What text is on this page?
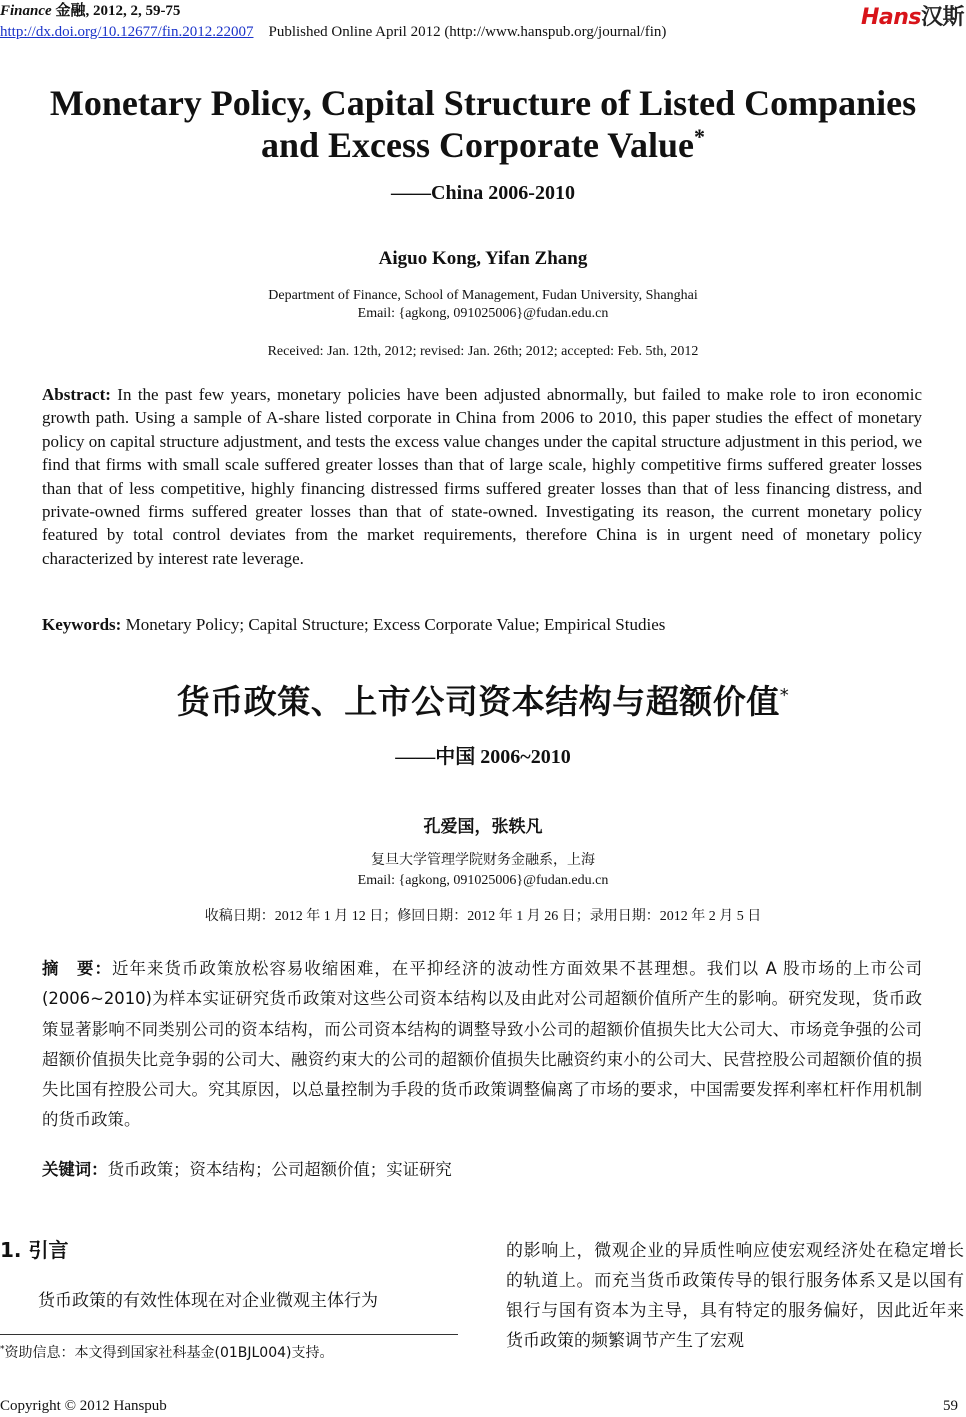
Finance 金融, 2012, 2, 59-75
http://dx.doi.org/10.12677/fin.2012.22007 Published Online April 2012 (http://www.hanspub.org/journal/fin)
Hans汉斯
Monetary Policy, Capital Structure of Listed Companies
and Excess Corporate Value*
——China 2006-2010
Aiguo Kong, Yifan Zhang
Department of Finance, School of Management, Fudan University, Shanghai
Email: {agkong, 091025006}@fudan.edu.cn
Received: Jan. 12th, 2012; revised: Jan. 26th; 2012; accepted: Feb. 5th, 2012
Abstract: In the past few years, monetary policies have been adjusted abnormally, but failed to make role to iron economic growth path. Using a sample of A-share listed corporate in China from 2006 to 2010, this paper studies the effect of monetary policy on capital structure adjustment, and tests the excess value changes under the capital structure adjustment in this period, we find that firms with small scale suffered greater losses than that of large scale, highly competitive firms suffered greater losses than that of less competitive, highly financing distressed firms suffered greater losses than that of less financing distress, and private-owned firms suffered greater losses than that of state-owned. Investigating its reason, the current monetary policy featured by total control deviates from the market requirements, therefore China is in urgent need of monetary policy characterized by interest rate leverage.
Keywords: Monetary Policy; Capital Structure; Excess Corporate Value; Empirical Studies
货币政策、上市公司资本结构与超额价值*
——中国 2006~2010
孔爱国，张轶凡
复旦大学管理学院财务金融系，上海
Email: {agkong, 091025006}@fudan.edu.cn
收稿日期：2012 年 1 月 12 日；修回日期：2012 年 1 月 26 日；录用日期：2012 年 2 月 5 日
摘　要：近年来货币政策放松容易收缩困难，在平抑经济的波动性方面效果不甚理想。我们以 A 股市场的上市公司(2006~2010)为样本实证研究货币政策对这些公司资本结构以及由此对公司超额价值所产生的影响。研究发现，货币政策显著影响不同类别公司的资本结构，而公司资本结构的调整导致小公司的超额价值损失比大公司大、市场竞争强的公司超额价值损失比竞争弱的公司大、融资约束大的公司的超额价值损失比融资约束小的公司大、民营控股公司超额价值的损失比国有控股公司大。究其原因，以总量控制为手段的货币政策调整偏离了市场的要求，中国需要发挥利率杠杆作用机制的货币政策。
关键词：货币政策；资本结构；公司超额价值；实证研究
1. 引言
货币政策的有效性体现在对企业微观主体行为
的影响上，微观企业的异质性响应使宏观经济处在稳定增长的轨道上。而充当货币政策传导的银行服务体系又是以国有银行与国有资本为主导，具有特定的服务偏好，因此近年来货币政策的频繁调节产生了宏观
*资助信息：本文得到国家社科基金(01BJL004)支持。
Copyright © 2012 Hanspub	59
